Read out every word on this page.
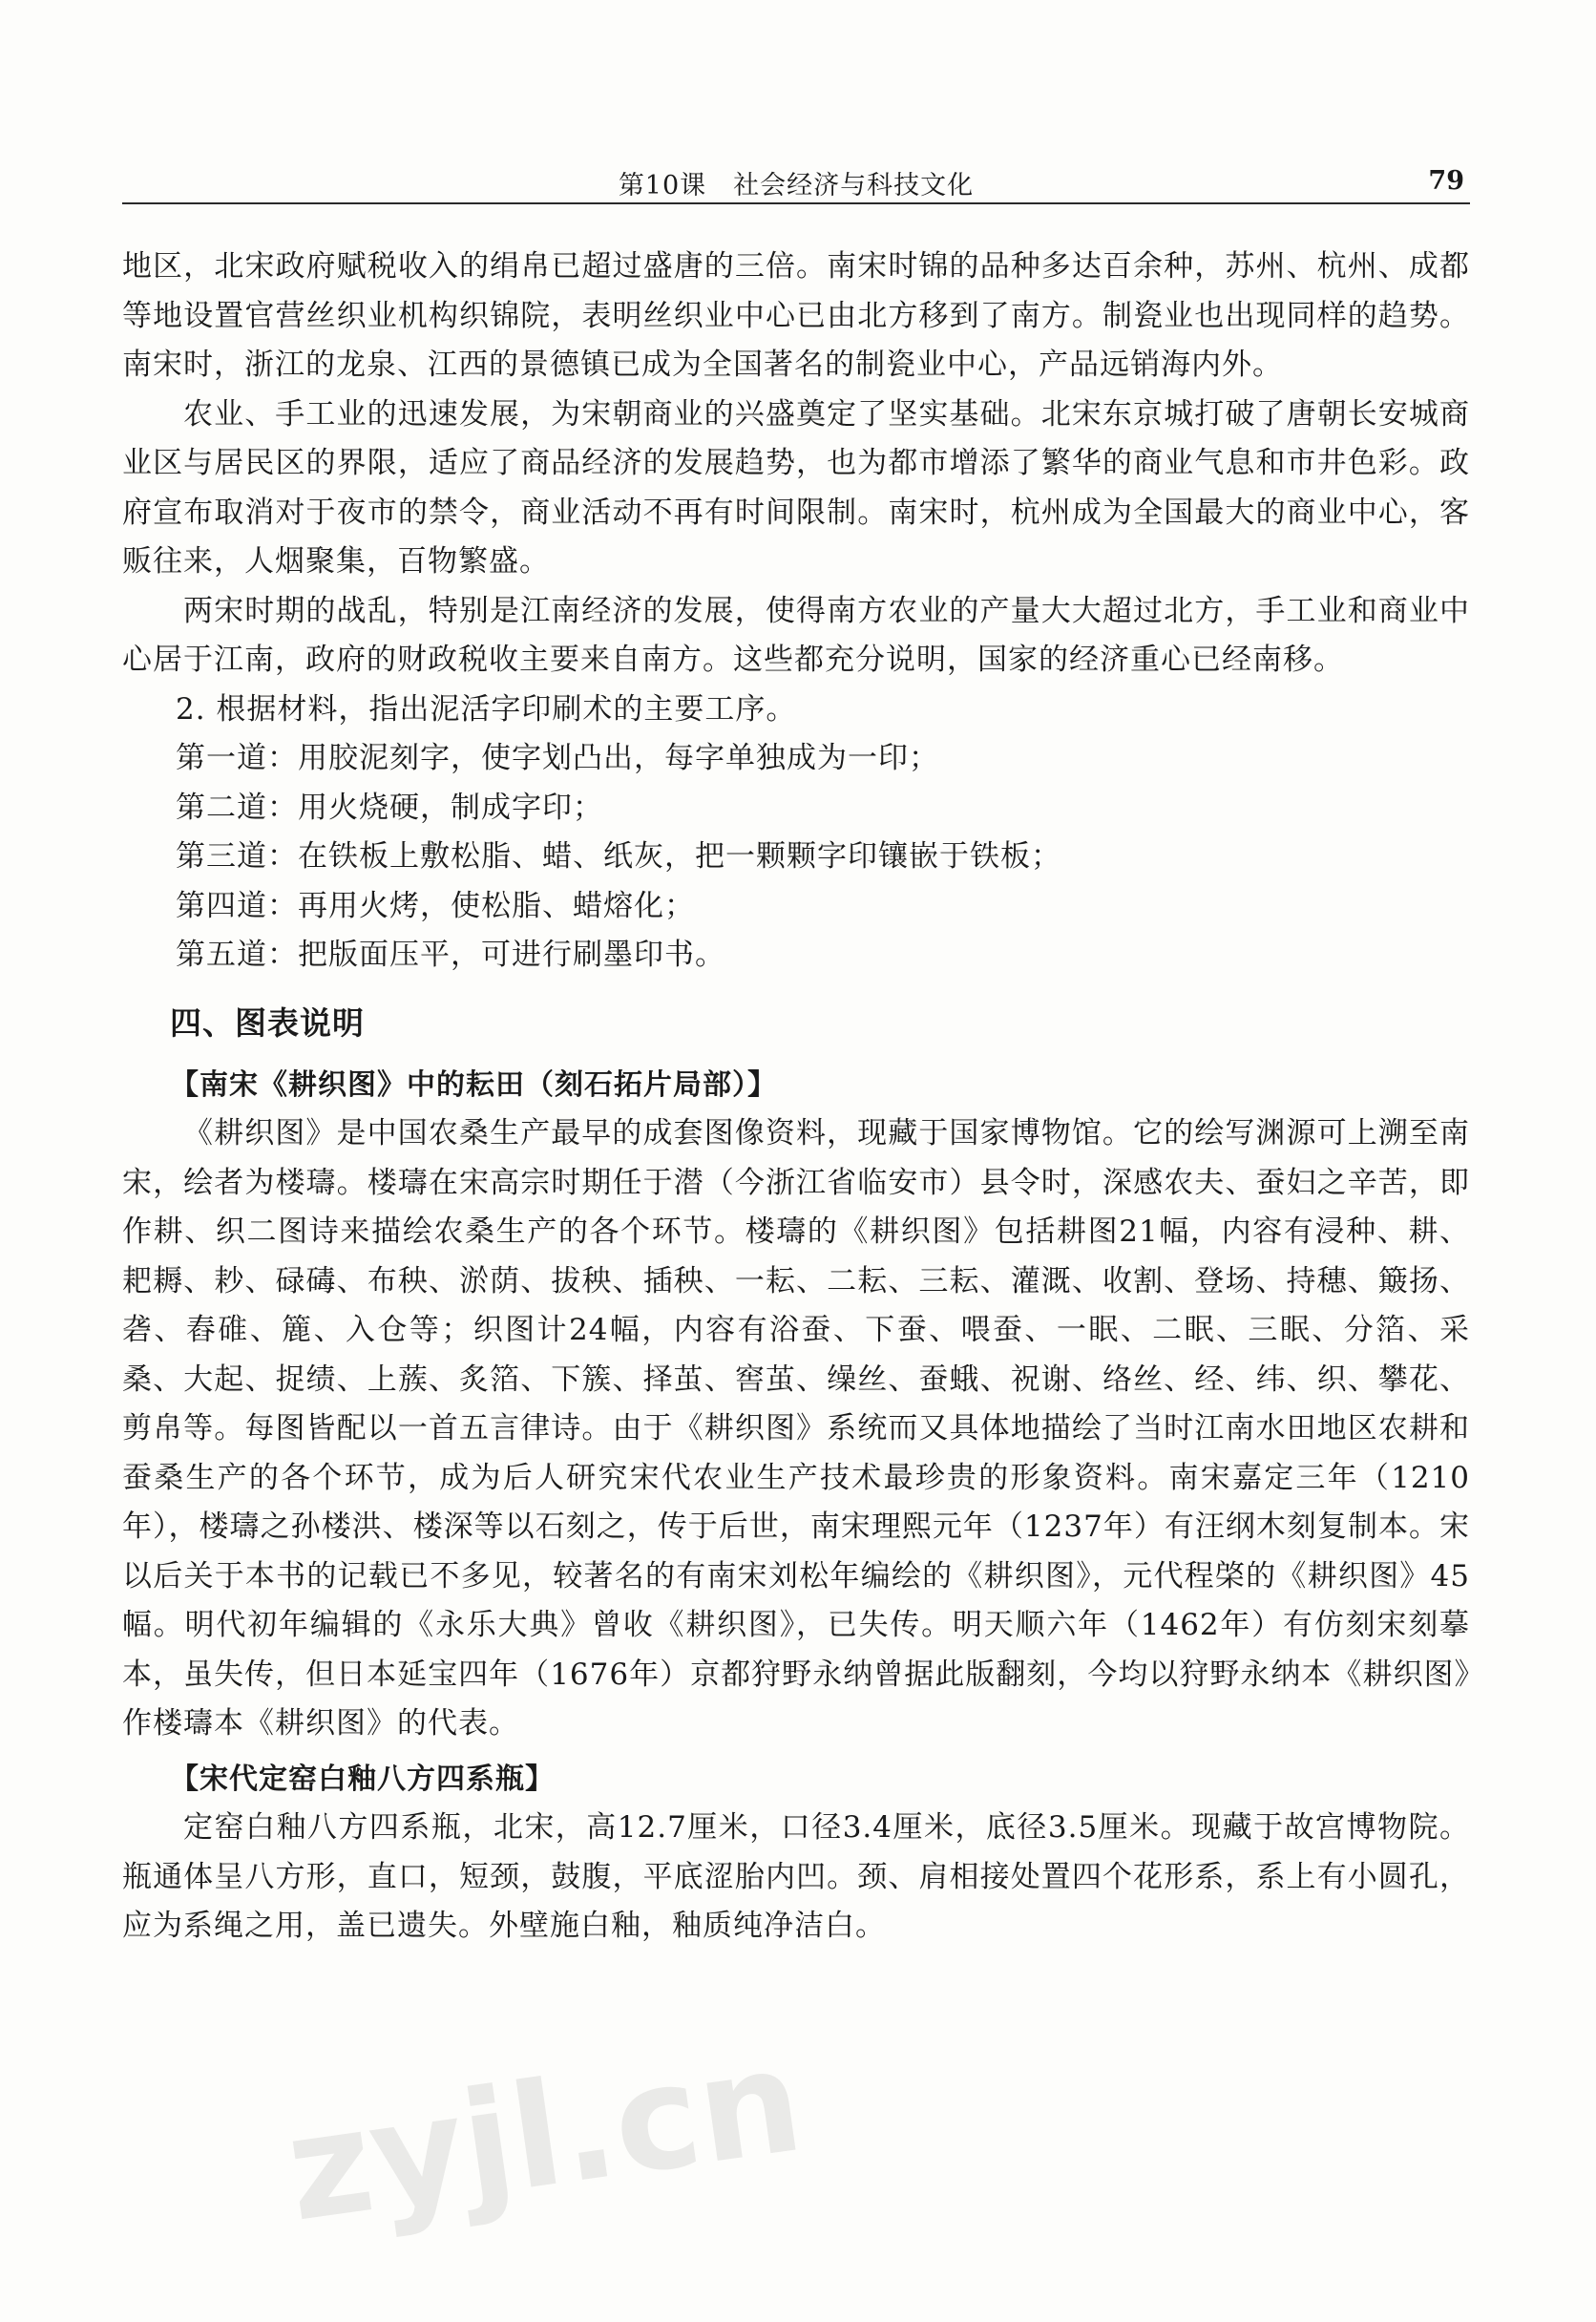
第10课　社会经济与科技文化	79

地区，北宋政府赋税收入的绢帛已超过盛唐的三倍。南宋时锦的品种多达百余种，苏州、杭州、成都等地设置官营丝织业机构织锦院，表明丝织业中心已由北方移到了南方。制瓷业也出现同样的趋势。南宋时，浙江的龙泉、江西的景德镇已成为全国著名的制瓷业中心，产品远销海内外。

农业、手工业的迅速发展，为宋朝商业的兴盛奠定了坚实基础。北宋东京城打破了唐朝长安城商业区与居民区的界限，适应了商品经济的发展趋势，也为都市增添了繁华的商业气息和市井色彩。政府宣布取消对于夜市的禁令，商业活动不再有时间限制。南宋时，杭州成为全国最大的商业中心，客贩往来，人烟聚集，百物繁盛。

两宋时期的战乱，特别是江南经济的发展，使得南方农业的产量大大超过北方，手工业和商业中心居于江南，政府的财政税收主要来自南方。这些都充分说明，国家的经济重心已经南移。

2. 根据材料，指出泥活字印刷术的主要工序。

第一道：用胶泥刻字，使字划凸出，每字单独成为一印；

第二道：用火烧硬，制成字印；

第三道：在铁板上敷松脂、蜡、纸灰，把一颗颗字印镶嵌于铁板；

第四道：再用火烤，使松脂、蜡熔化；

第五道：把版面压平，可进行刷墨印书。

四、图表说明
【南宋《耕织图》中的耘田（刻石拓片局部）】

《耕织图》是中国农桑生产最早的成套图像资料，现藏于国家博物馆。它的绘写渊源可上溯至南宋，绘者为楼璹。楼璹在宋高宗时期任于潜（今浙江省临安市）县令时，深感农夫、蚕妇之辛苦，即作耕、织二图诗来描绘农桑生产的各个环节。楼璹的《耕织图》包括耕图21幅，内容有浸种、耕、耙耨、耖、碌碡、布秧、淤荫、拔秧、插秧、一耘、二耘、三耘、灌溉、收割、登场、持穗、簸扬、砻、舂碓、簏、入仓等；织图计24幅，内容有浴蚕、下蚕、喂蚕、一眠、二眠、三眠、分箔、采桑、大起、捉绩、上蔟、炙箔、下簇、择茧、窖茧、缲丝、蚕蛾、祝谢、络丝、经、纬、织、攀花、剪帛等。每图皆配以一首五言律诗。由于《耕织图》系统而又具体地描绘了当时江南水田地区农耕和蚕桑生产的各个环节，成为后人研究宋代农业生产技术最珍贵的形象资料。南宋嘉定三年（1210年），楼璹之孙楼洪、楼深等以石刻之，传于后世，南宋理熙元年（1237年）有汪纲木刻复制本。宋以后关于本书的记载已不多见，较著名的有南宋刘松年编绘的《耕织图》，元代程棨的《耕织图》45幅。明代初年编辑的《永乐大典》曾收《耕织图》，已失传。明天顺六年（1462年）有仿刻宋刻摹本，虽失传，但日本延宝四年（1676年）京都狩野永纳曾据此版翻刻，今均以狩野永纳本《耕织图》作楼璹本《耕织图》的代表。

【宋代定窑白釉八方四系瓶】

定窑白釉八方四系瓶，北宋，高12.7厘米，口径3.4厘米，底径3.5厘米。现藏于故宫博物院。瓶通体呈八方形，直口，短颈，鼓腹，平底涩胎内凹。颈、肩相接处置四个花形系，系上有小圆孔，应为系绳之用，盖已遗失。外壁施白釉，釉质纯净洁白。

zyjl.cn
